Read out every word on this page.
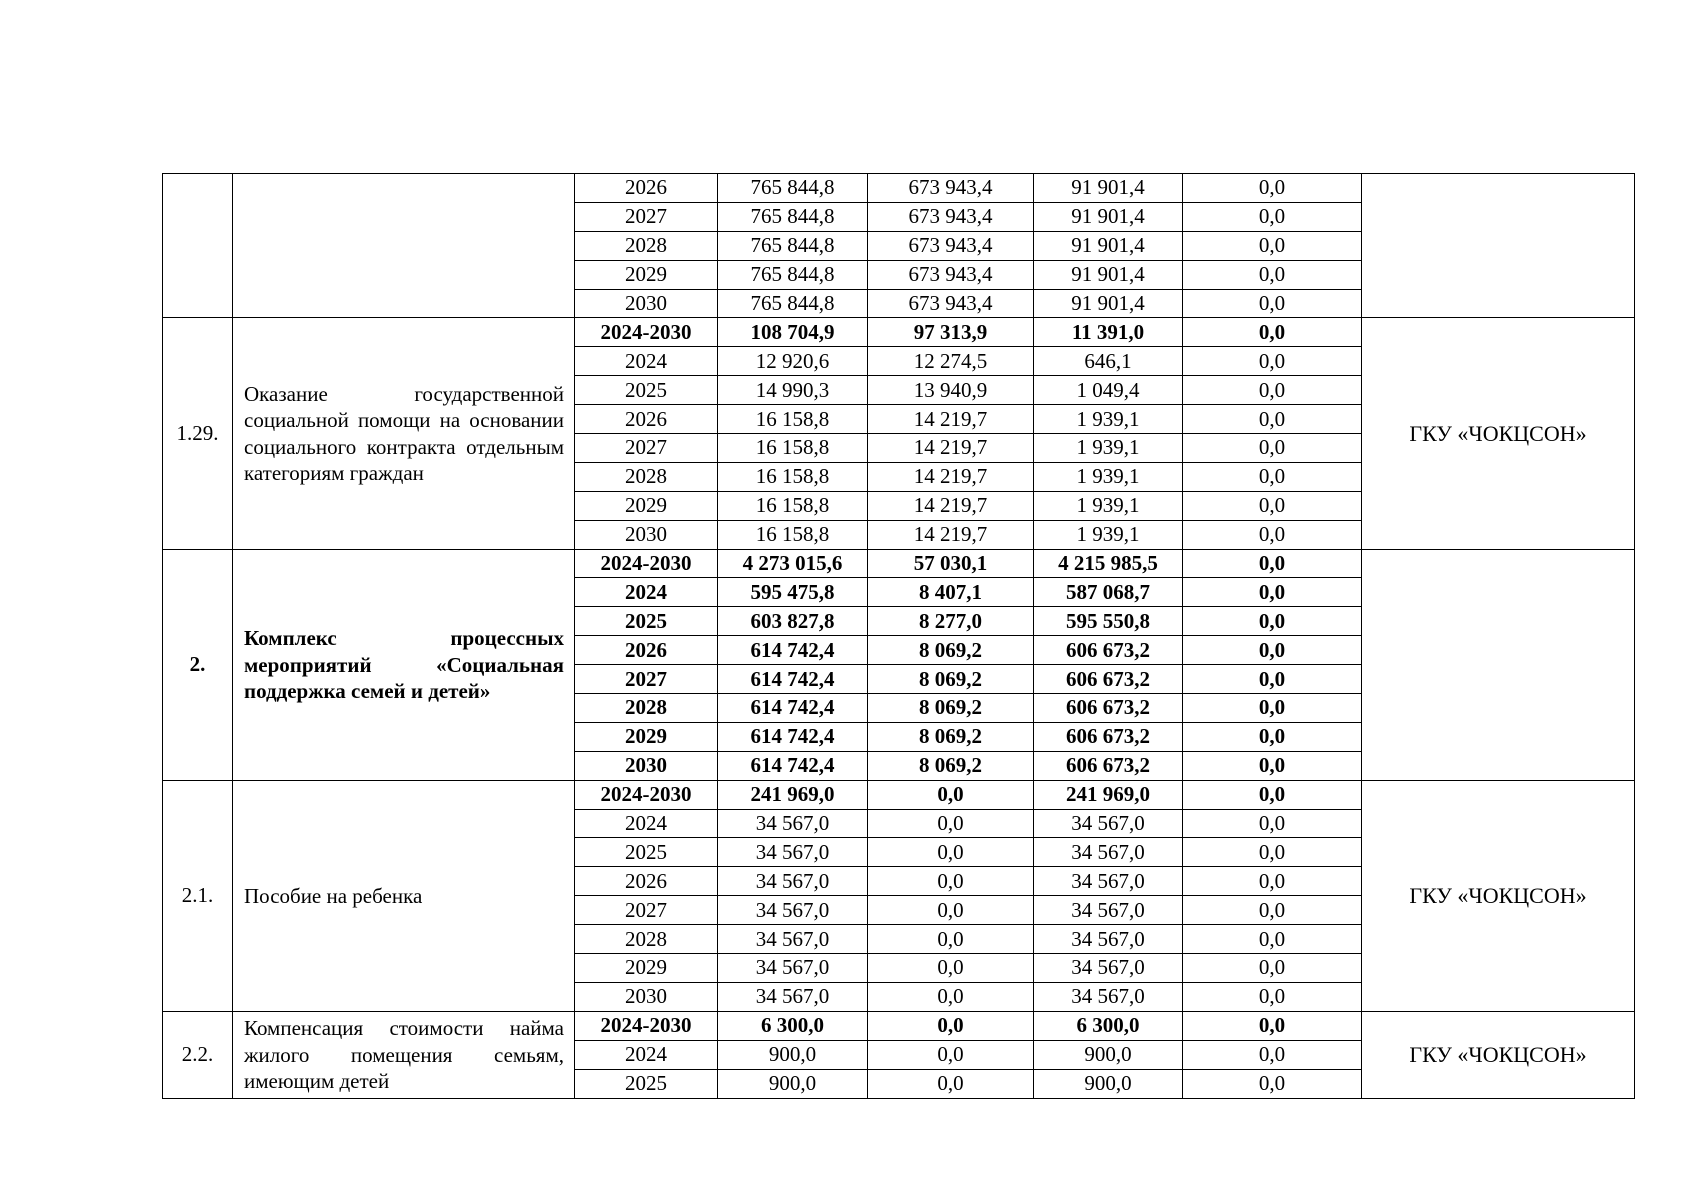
		2026	765 844,8	673 943,4	91 901,4	0,0	
		2027	765 844,8	673 943,4	91 901,4	0,0	
		2028	765 844,8	673 943,4	91 901,4	0,0	
		2029	765 844,8	673 943,4	91 901,4	0,0	
		2030	765 844,8	673 943,4	91 901,4	0,0	
1.29.	Оказание государственной социальной помощи на основании социального контракта отдельным категориям граждан	2024-2030	108 704,9	97 313,9	11 391,0	0,0	ГКУ «ЧОКЦСОН»
		2024	12 920,6	12 274,5	646,1	0,0	
		2025	14 990,3	13 940,9	1 049,4	0,0	
		2026	16 158,8	14 219,7	1 939,1	0,0	
		2027	16 158,8	14 219,7	1 939,1	0,0	
		2028	16 158,8	14 219,7	1 939,1	0,0	
		2029	16 158,8	14 219,7	1 939,1	0,0	
		2030	16 158,8	14 219,7	1 939,1	0,0	
2.	Комплекс процессных мероприятий «Социальная поддержка семей и детей»	2024-2030	4 273 015,6	57 030,1	4 215 985,5	0,0	
		2024	595 475,8	8 407,1	587 068,7	0,0	
		2025	603 827,8	8 277,0	595 550,8	0,0	
		2026	614 742,4	8 069,2	606 673,2	0,0	
		2027	614 742,4	8 069,2	606 673,2	0,0	
		2028	614 742,4	8 069,2	606 673,2	0,0	
		2029	614 742,4	8 069,2	606 673,2	0,0	
		2030	614 742,4	8 069,2	606 673,2	0,0	
2.1.	Пособие на ребенка	2024-2030	241 969,0	0,0	241 969,0	0,0	ГКУ «ЧОКЦСОН»
		2024	34 567,0	0,0	34 567,0	0,0	
		2025	34 567,0	0,0	34 567,0	0,0	
		2026	34 567,0	0,0	34 567,0	0,0	
		2027	34 567,0	0,0	34 567,0	0,0	
		2028	34 567,0	0,0	34 567,0	0,0	
		2029	34 567,0	0,0	34 567,0	0,0	
		2030	34 567,0	0,0	34 567,0	0,0	
2.2.	Компенсация стоимости найма жилого помещения семьям, имеющим детей	2024-2030	6 300,0	0,0	6 300,0	0,0	ГКУ «ЧОКЦСОН»
		2024	900,0	0,0	900,0	0,0	
		2025	900,0	0,0	900,0	0,0	
